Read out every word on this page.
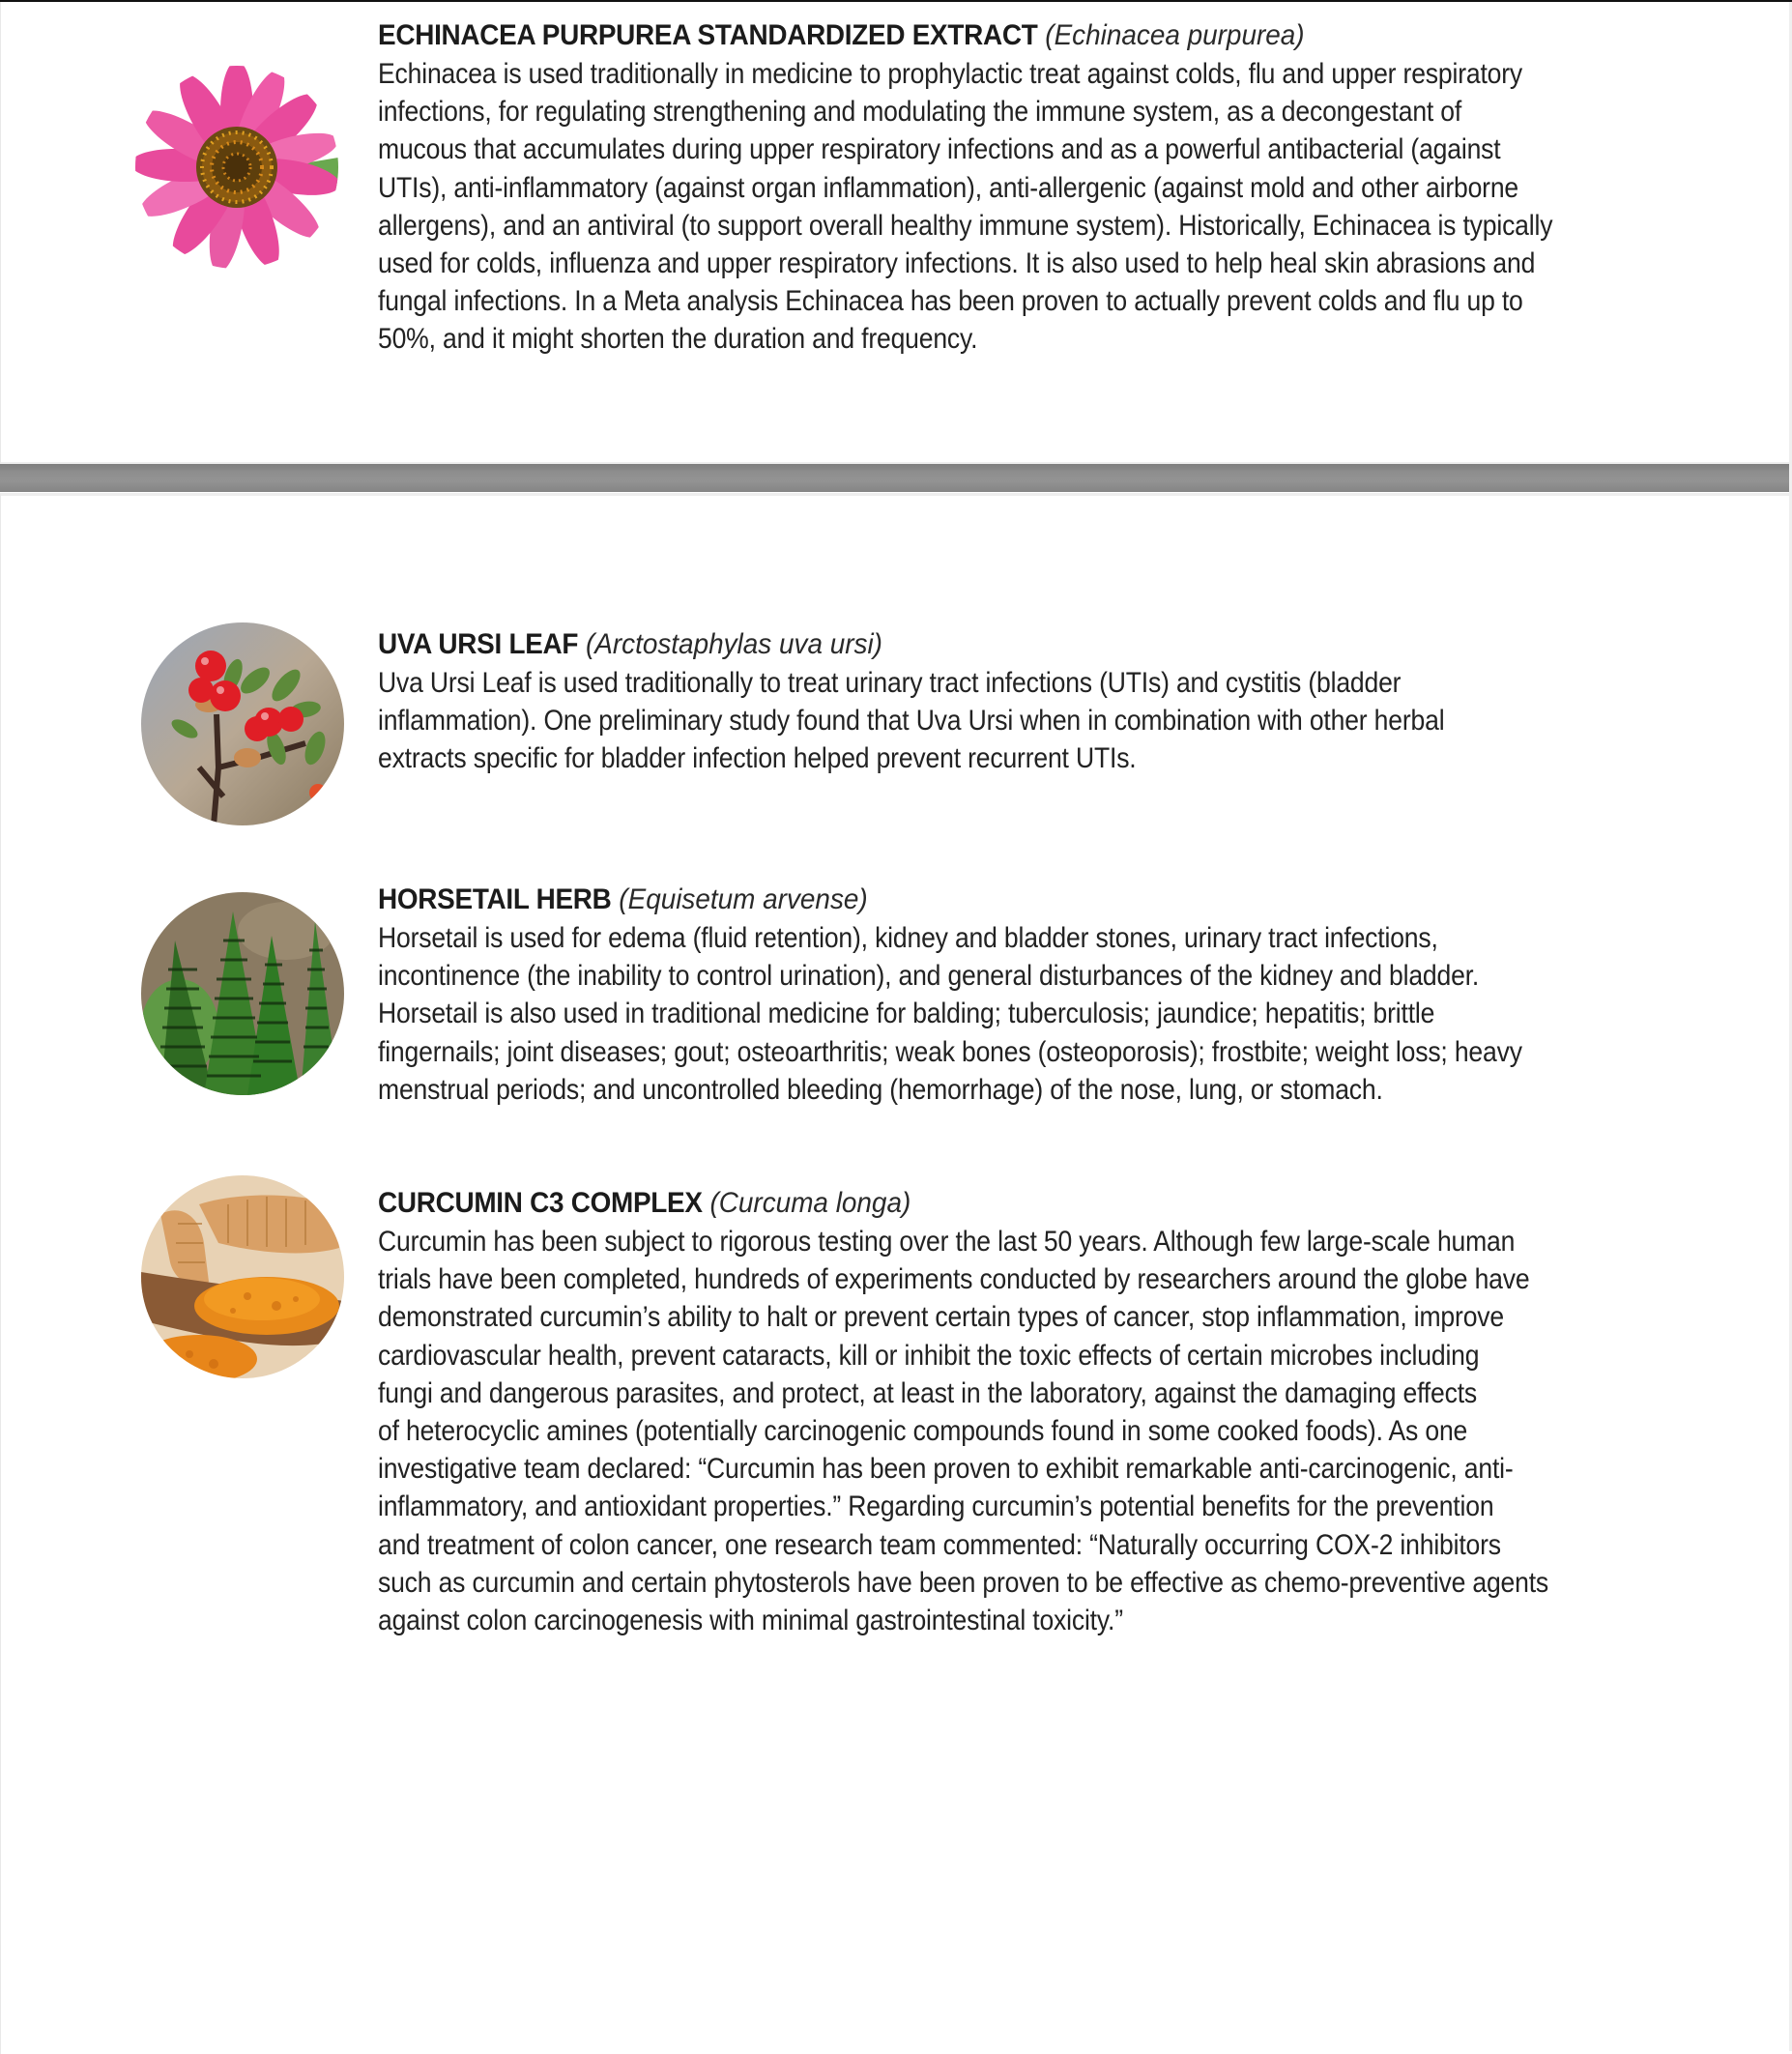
ECHINACEA PURPUREA STANDARDIZED EXTRACT (Echinacea purpurea)
Echinacea is used traditionally in medicine to prophylactic treat against colds, flu and upper respiratory
infections, for regulating strengthening and modulating the immune system, as a decongestant of
mucous that accumulates during upper respiratory infections and as a powerful antibacterial (against
UTIs), anti-inflammatory (against organ inflammation), anti-allergenic (against mold and other airborne
allergens), and an antiviral (to support overall healthy immune system). Historically, Echinacea is typically
used for colds, influenza and upper respiratory infections. It is also used to help heal skin abrasions and
fungal infections. In a Meta analysis Echinacea has been proven to actually prevent colds and flu up to
50%, and it might shorten the duration and frequency.
UVA URSI LEAF (Arctostaphylas uva ursi)
Uva Ursi Leaf is used traditionally to treat urinary tract infections (UTIs) and cystitis (bladder
inflammation). One preliminary study found that Uva Ursi when in combination with other herbal
extracts specific for bladder infection helped prevent recurrent UTIs.
HORSETAIL HERB (Equisetum arvense)
Horsetail is used for edema (fluid retention), kidney and bladder stones, urinary tract infections,
incontinence (the inability to control urination), and general disturbances of the kidney and bladder.
Horsetail is also used in traditional medicine for balding; tuberculosis; jaundice; hepatitis; brittle
fingernails; joint diseases; gout; osteoarthritis; weak bones (osteoporosis); frostbite; weight loss; heavy
menstrual periods; and uncontrolled bleeding (hemorrhage) of the nose, lung, or stomach.
CURCUMIN C3 COMPLEX (Curcuma longa)
Curcumin has been subject to rigorous testing over the last 50 years. Although few large-scale human
trials have been completed, hundreds of experiments conducted by researchers around the globe have
demonstrated curcumin’s ability to halt or prevent certain types of cancer, stop inflammation, improve
cardiovascular health, prevent cataracts, kill or inhibit the toxic effects of certain microbes including
fungi and dangerous parasites, and protect, at least in the laboratory, against the damaging effects
of heterocyclic amines (potentially carcinogenic compounds found in some cooked foods). As one
investigative team declared: “Curcumin has been proven to exhibit remarkable anti-carcinogenic, anti-
inflammatory, and antioxidant properties.” Regarding curcumin’s potential benefits for the prevention
and treatment of colon cancer, one research team commented: “Naturally occurring COX-2 inhibitors
such as curcumin and certain phytosterols have been proven to be effective as chemo-preventive agents
against colon carcinogenesis with minimal gastrointestinal toxicity.”
